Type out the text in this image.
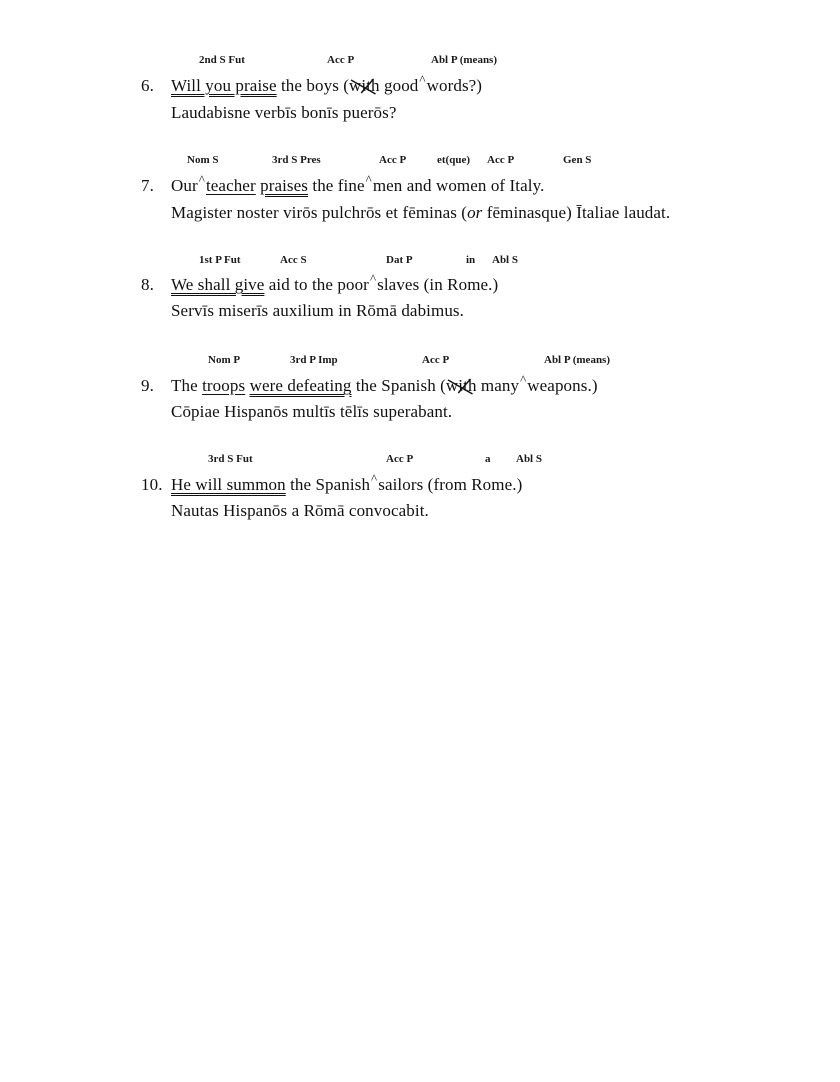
2nd S Fut	Acc P	Abl P (means)
6. Will you praise the boys (with
good^words?)
Laudabisne verbīs bonīs puerōs?
Nom S	3rd S Pres	Acc P	et(que) Acc P	Gen S
7. Our^teacher praises the fine^men and women of Italy.
Magister noster virōs pulchrōs et fēminas (or fēminasque) Ītaliae laudat.
1st P Fut	Acc S	Dat P	in Abl S
8. We shall give aid to the poor^slaves (in Rome.)
Servīs miserīs auxilium in Rōmā dabimus.
Nom P	3rd P Imp	Acc P	Abl P (means)
9. The troops were defeating the Spanish (with
many^weapons.)
Cōpiae Hispanōs multīs tēlīs superabant.
3rd S Fut	Acc P	a Abl S
10. He will summon the Spanish^sailors (from Rome.)
Nautas Hispanōs a Rōmā convocabit.
